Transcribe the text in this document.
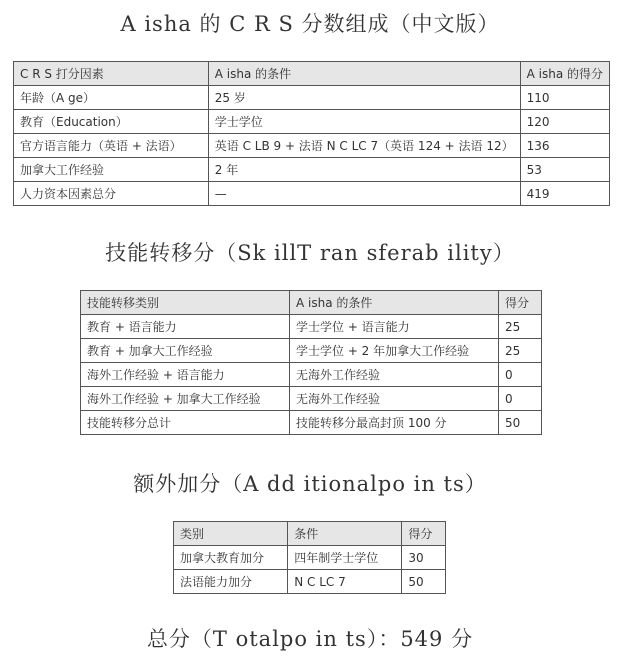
A isha 的 C R S 分数组成（中文版）
C R S 打分因素	A isha 的条件	A isha 的得分
年龄（A ge）	25 岁	110
教育（Education）	学士学位	120
官方语言能力（英语 + 法语）	英语 C LB 9 + 法语 N C LC 7（英语 124 + 法语 12）	136
加拿大工作经验	2 年	53
人力资本因素总分	—	419
技能转移分（Sk illT ran sferab ility）
技能转移类别	A isha 的条件	得分
教育 + 语言能力	学士学位 + 语言能力	25
教育 + 加拿大工作经验	学士学位 + 2 年加拿大工作经验	25
海外工作经验 + 语言能力	无海外工作经验	0
海外工作经验 + 加拿大工作经验	无海外工作经验	0
技能转移分总计	技能转移分最高封顶 100 分	50
额外加分（A dd itionalpo in ts）
类别	条件	得分
加拿大教育加分	四年制学士学位	30
法语能力加分	N C LC 7	50
总分（T otalpo in ts）：549 分
